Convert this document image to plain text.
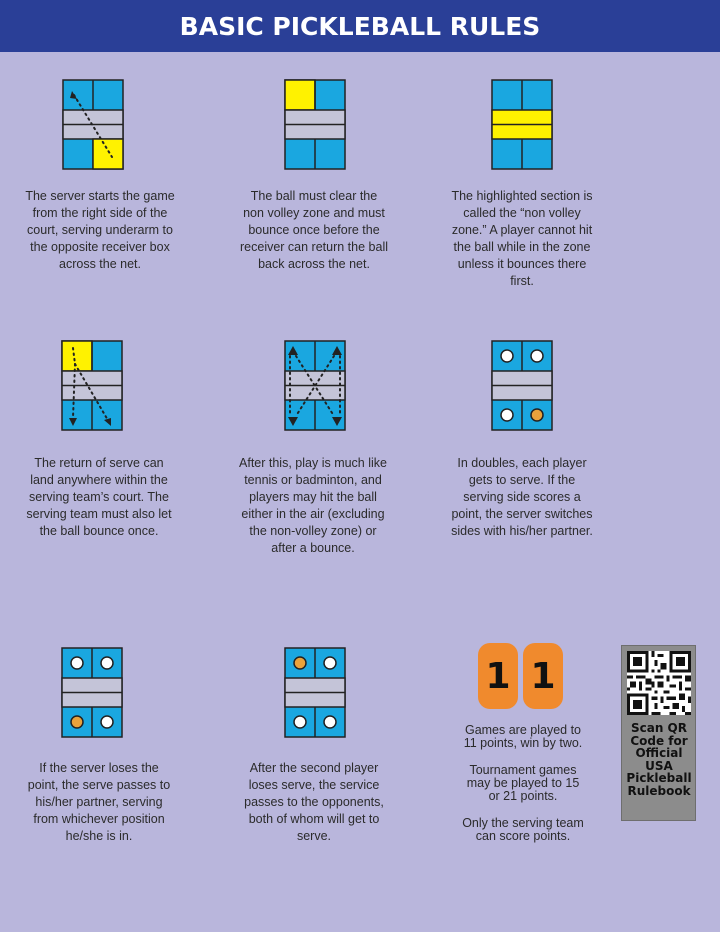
BASIC PICKLEBALL RULES
The server starts the game from the right side of the court, serving underarm to the opposite receiver box across the net.
The ball must clear the non volley zone and must bounce once before the receiver can return the ball back across the net.
The highlighted section is called the “non volley zone.” A player cannot hit the ball while in the zone unless it bounces there first.
The return of serve can land anywhere within the serving team’s court. The serving team must also let the ball bounce once.
After this, play is much like tennis or badminton, and players may hit the ball either in the air (excluding the non-volley zone) or after a bounce.
In doubles, each player gets to serve. If the serving side scores a point, the server switches sides with his/her partner.
If the server loses the point, the serve passes to his/her partner, serving from whichever position he/she is in.
After the second player loses serve, the service passes to the opponents, both of whom will get to serve.
1 1

Games are played to 11 points, win by two.

Tournament games may be played to 15 or 21 points.

Only the serving team can score points.

Scan QR
Code for
Official
USA
Pickleball
Rulebook
